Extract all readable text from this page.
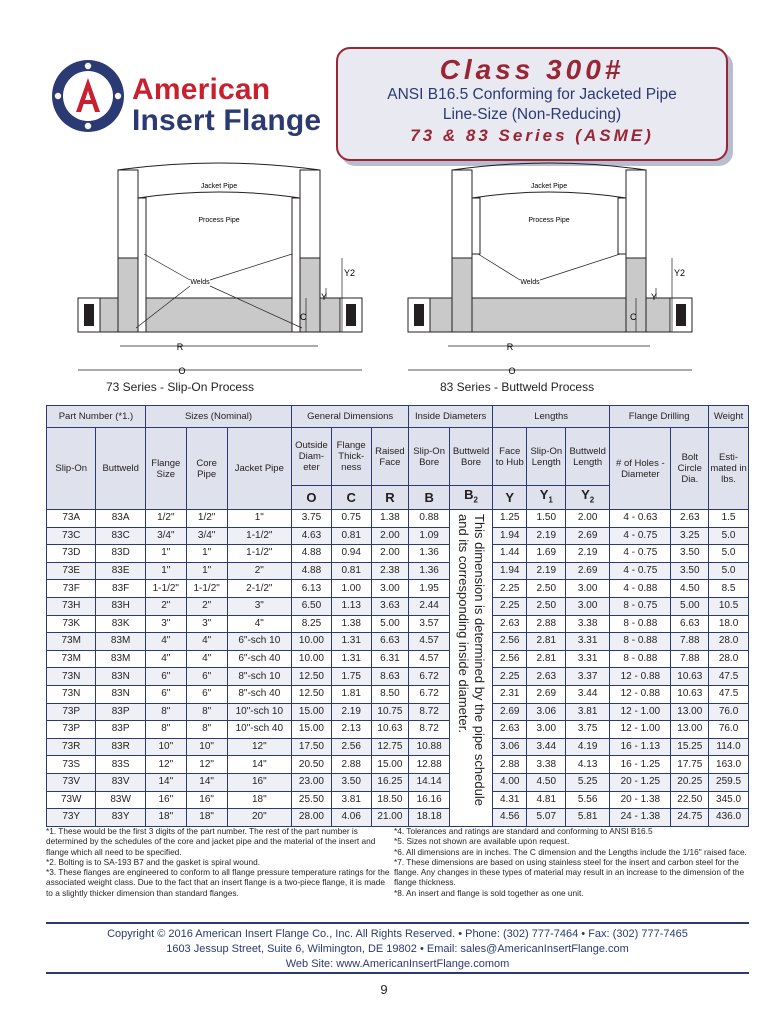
American
Insert Flange
Class 300#
ANSI B16.5 Conforming for Jacketed Pipe
Line-Size (Non-Reducing)
73 & 83 Series (ASME)
Jacket Pipe
Process Pipe
Welds
Y2
Y
C
R
O
73 Series - Slip-On Process
Jacket Pipe
Process Pipe
Welds
Y2
Y
C
R
O
83 Series - Buttweld Process
Part Number (*1.)		Sizes (Nominal)			General Dimensions			Inside Diameters		Lengths			Flange Drilling		Weight
Slip-On	Buttweld	Flange Size	Core Pipe	Jacket Pipe	Outside Diam-eter	Flange Thick-ness	Raised Face	Slip-On Bore	Buttweld Bore	Face to Hub	Slip-On Length	Buttweld Length	# of Holes - Diameter	Bolt Circle Dia.	Esti-mated in lbs.
					O	C	R	B	$B_2$	Y	$Y_1$	$Y_2$
73A	83A	1/2"	1/2"	1"	3.75	0.75	1.38	0.88	This dimension is determined by the pipe schedule and its corresponding inside diameter.	1.25	1.50	2.00	4 - 0.63	2.63	1.5
73C	83C	3/4"	3/4"	1-1/2"	4.63	0.81	2.00	1.09		1.94	2.19	2.69	4 - 0.75	3.25	5.0
73D	83D	1"	1"	1-1/2"	4.88	0.94	2.00	1.36		1.44	1.69	2.19	4 - 0.75	3.50	5.0
73E	83E	1"	1"	2"	4.88	0.81	2.38	1.36		1.94	2.19	2.69	4 - 0.75	3.50	5.0
73F	83F	1-1/2"	1-1/2"	2-1/2"	6.13	1.00	3.00	1.95		2.25	2.50	3.00	4 - 0.88	4.50	8.5
73H	83H	2"	2"	3"	6.50	1.13	3.63	2.44		2.25	2.50	3.00	8 - 0.75	5.00	10.5
73K	83K	3"	3"	4"	8.25	1.38	5.00	3.57		2.63	2.88	3.38	8 - 0.88	6.63	18.0
73M	83M	4"	4"	6"-sch 10	10.00	1.31	6.63	4.57		2.56	2.81	3.31	8 - 0.88	7.88	28.0
73M	83M	4"	4"	6"-sch 40	10.00	1.31	6.31	4.57		2.56	2.81	3.31	8 - 0.88	7.88	28.0
73N	83N	6"	6"	8"-sch 10	12.50	1.75	8.63	6.72		2.25	2.63	3.37	12 - 0.88	10.63	47.5
73N	83N	6"	6"	8"-sch 40	12.50	1.81	8.50	6.72		2.31	2.69	3.44	12 - 0.88	10.63	47.5
73P	83P	8"	8"	10"-sch 10	15.00	2.19	10.75	8.72		2.69	3.06	3.81	12 - 1.00	13.00	76.0
73P	83P	8"	8"	10"-sch 40	15.00	2.13	10.63	8.72		2.63	3.00	3.75	12 - 1.00	13.00	76.0
73R	83R	10"	10"	12"	17.50	2.56	12.75	10.88		3.06	3.44	4.19	16 - 1.13	15.25	114.0
73S	83S	12"	12"	14"	20.50	2.88	15.00	12.88		2.88	3.38	4.13	16 - 1.25	17.75	163.0
73V	83V	14"	14"	16"	23.00	3.50	16.25	14.14		4.00	4.50	5.25	20 - 1.25	20.25	259.5
73W	83W	16"	16"	18"	25.50	3.81	18.50	16.16		4.31	4.81	5.56	20 - 1.38	22.50	345.0
73Y	83Y	18"	18"	20"	28.00	4.06	21.00	18.18		4.56	5.07	5.81	24 - 1.38	24.75	436.0

*1. These would be the first 3 digits of the part number. The rest of the part number is determined by the schedules of the core and jacket pipe and the material of the insert and flange which all need to be specified.

*2. Bolting is to SA-193 B7 and the gasket is spiral wound.

*3. These flanges are engineered to conform to all flange pressure temperature ratings for the associated weight class. Due to the fact that an insert flange is a two-piece flange, it is made to a slightly thicker dimension than standard flanges.

*4. Tolerances and ratings are standard and conforming to ANSI B16.5

*5. Sizes not shown are available upon request.

*6. All dimensions are in inches. The C dimension and the Lengths include the 1/16" raised face.

*7. These dimensions are based on using stainless steel for the insert and carbon steel for the flange. Any changes in these types of material may result in an increase to the dimension of the flange thickness.

*8. An insert and flange is sold together as one unit.

Copyright © 2016 American Insert Flange Co., Inc. All Rights Reserved. • Phone: (302) 777-7464 • Fax: (302) 777-7465
1603 Jessup Street, Suite 6, Wilmington, DE 19802 • Email: sales@AmericanInsertFlange.com
Web Site: www.AmericanInsertFlange.comom
9
